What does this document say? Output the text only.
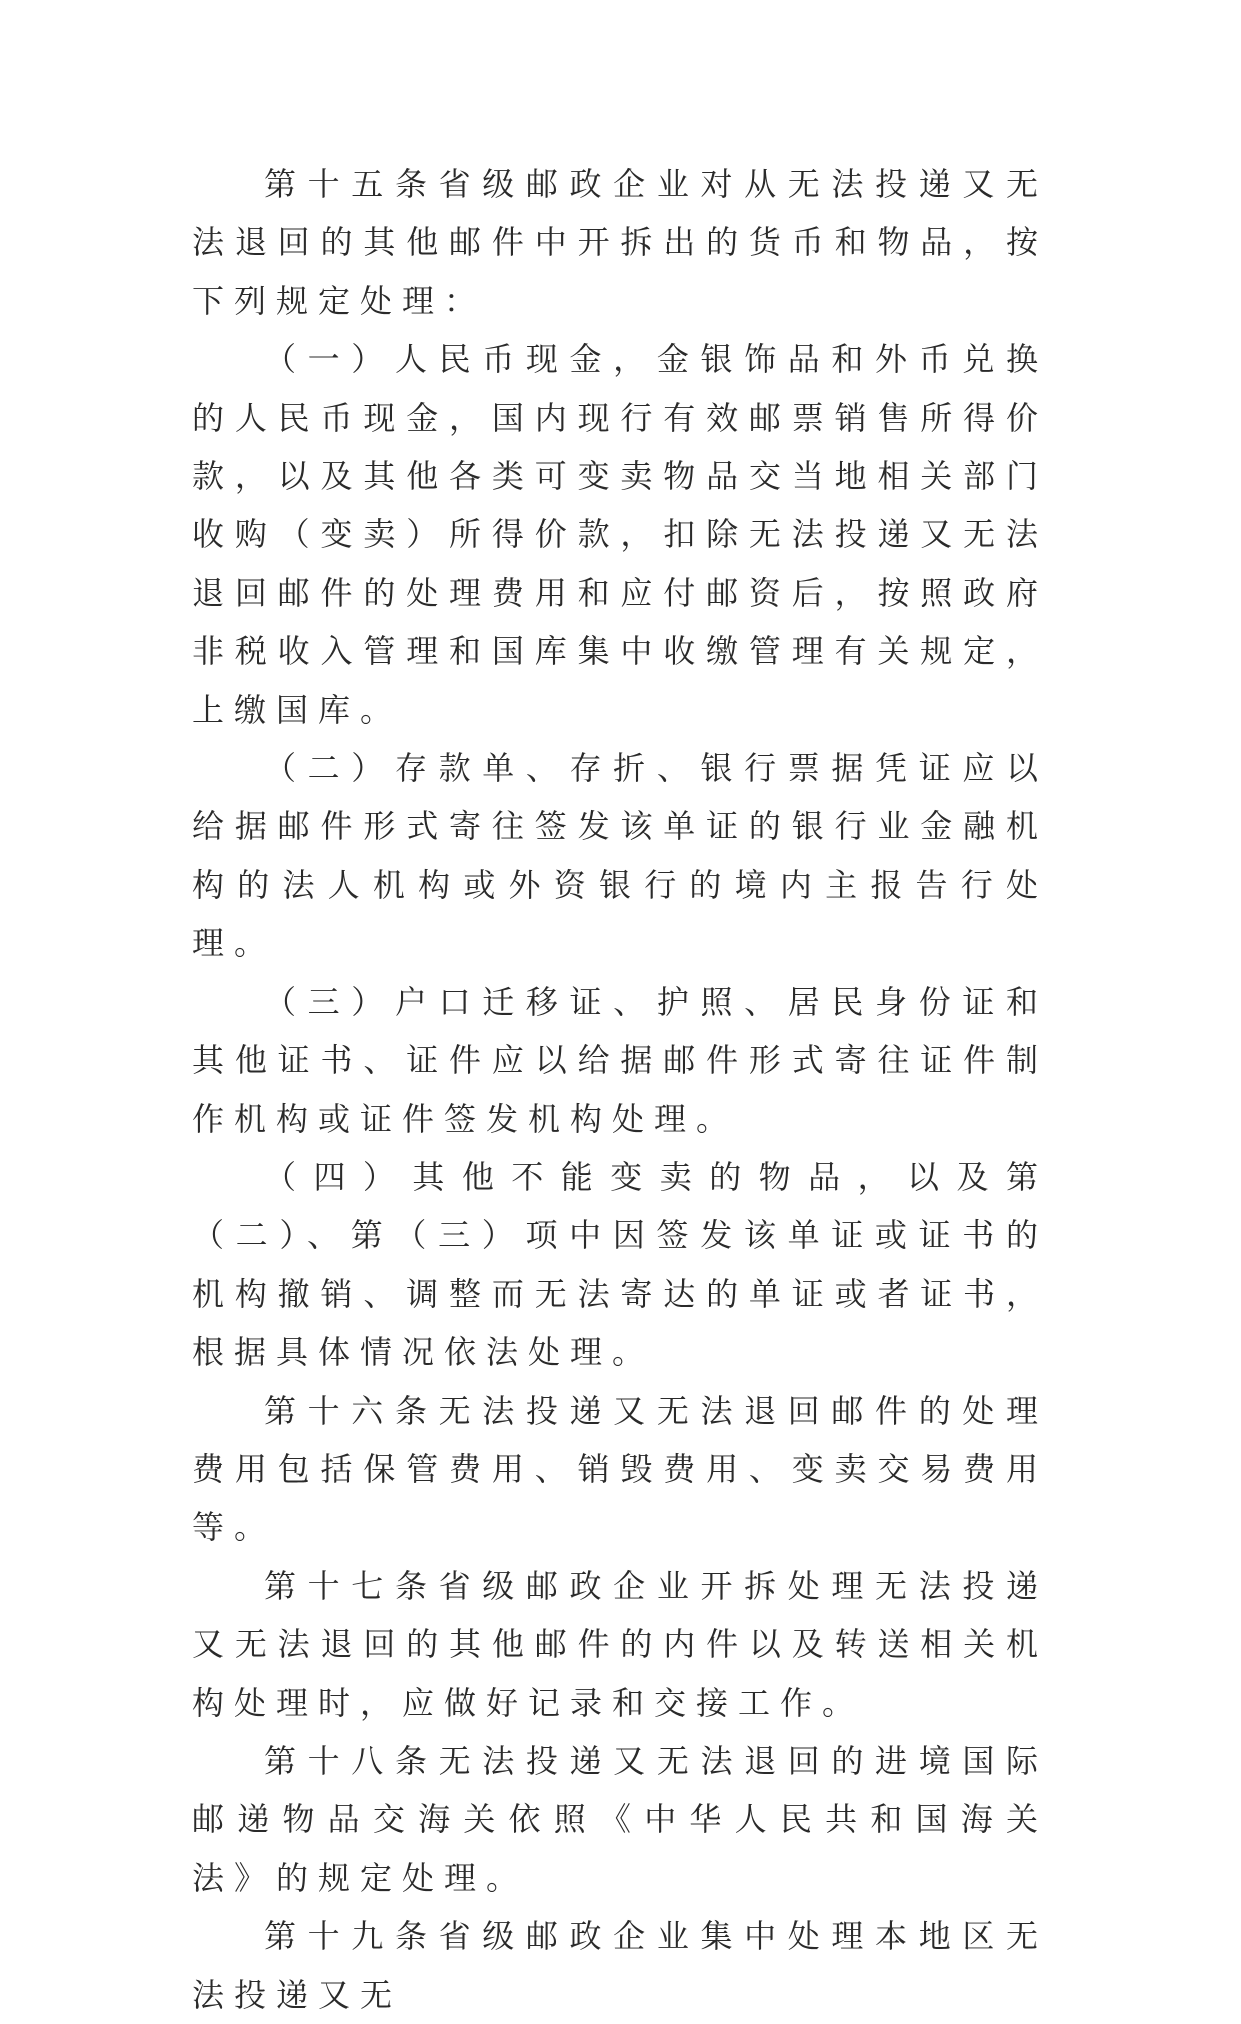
第十五条省级邮政企业对从无法投递又无法退回的其他邮件中开拆出的货币和物品，按下列规定处理：

（一）人民币现金，金银饰品和外币兑换的人民币现金，国内现行有效邮票销售所得价款，以及其他各类可变卖物品交当地相关部门收购（变卖）所得价款，扣除无法投递又无法退回邮件的处理费用和应付邮资后，按照政府非税收入管理和国库集中收缴管理有关规定，上缴国库。

（二）存款单、存折、银行票据凭证应以给据邮件形式寄往签发该单证的银行业金融机构的法人机构或外资银行的境内主报告行处理。

（三）户口迁移证、护照、居民身份证和其他证书、证件应以给据邮件形式寄往证件制作机构或证件签发机构处理。

（四）其他不能变卖的物品，以及第（二）、第（三）项中因签发该单证或证书的机构撤销、调整而无法寄达的单证或者证书，根据具体情况依法处理。

第十六条无法投递又无法退回邮件的处理费用包括保管费用、销毁费用、变卖交易费用等。

第十七条省级邮政企业开拆处理无法投递又无法退回的其他邮件的内件以及转送相关机构处理时，应做好记录和交接工作。

第十八条无法投递又无法退回的进境国际邮递物品交海关依照《中华人民共和国海关法》的规定处理。

第十九条省级邮政企业集中处理本地区无法投递又无
